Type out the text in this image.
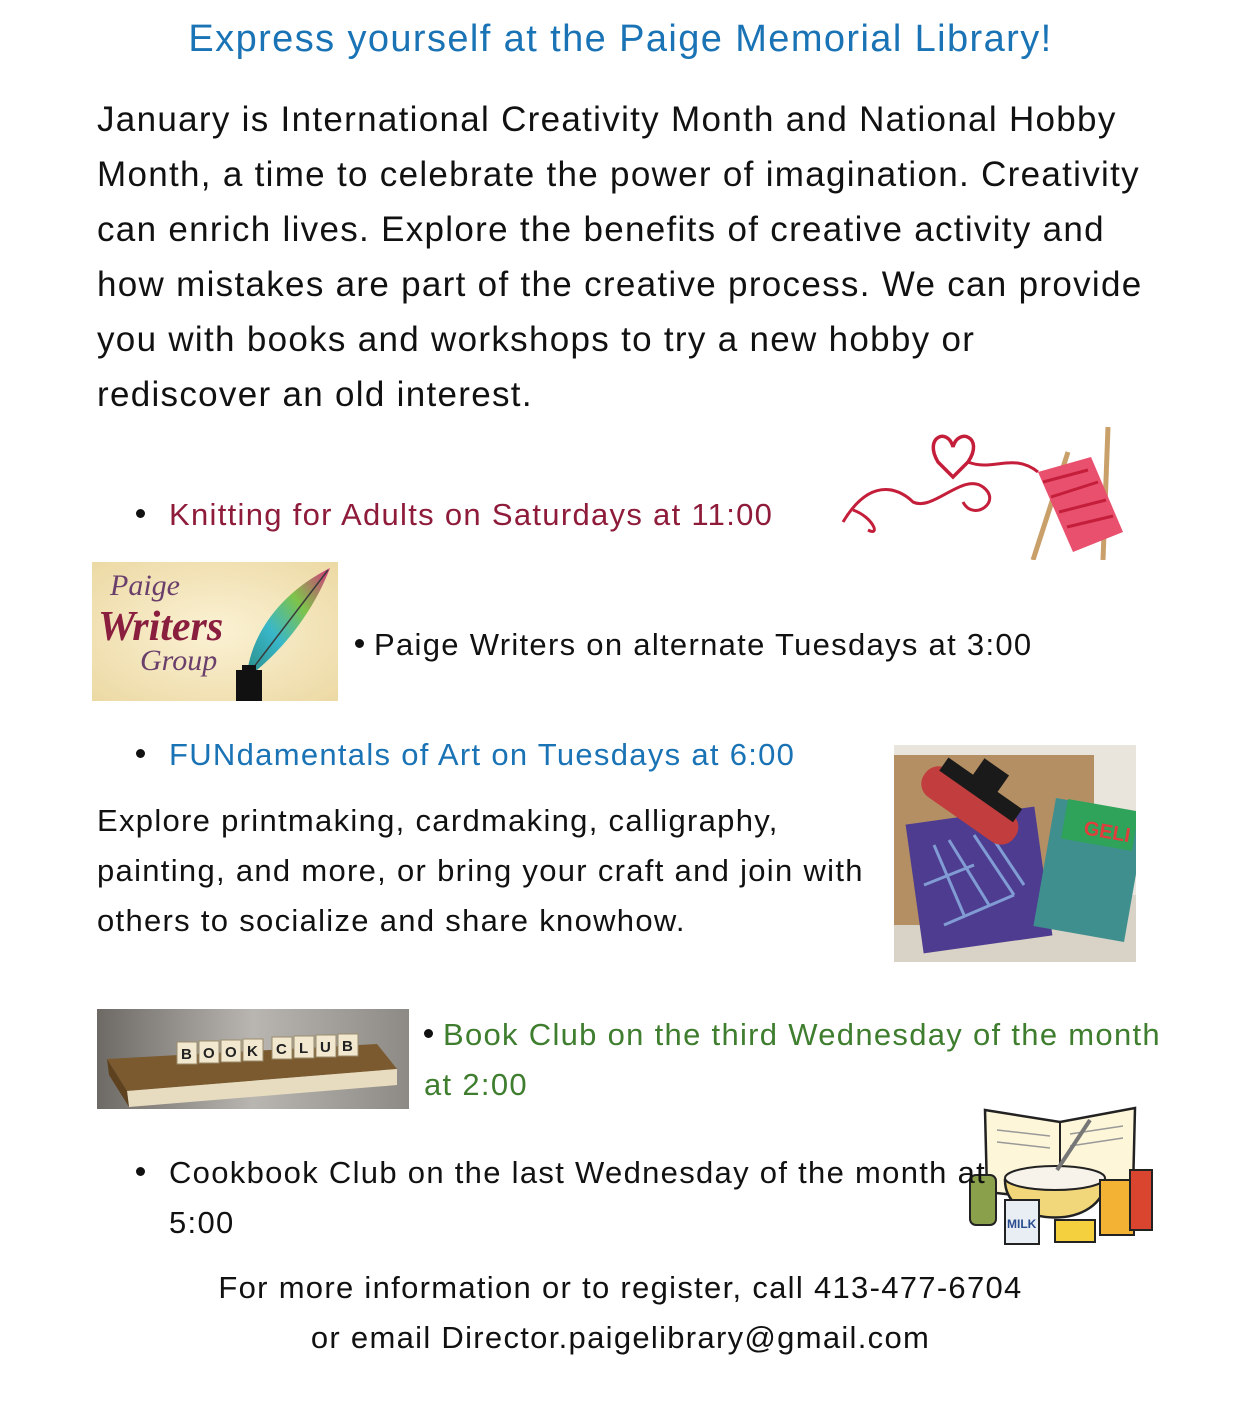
Express yourself at the Paige Memorial Library!
January is International Creativity Month and National Hobby Month, a time to celebrate the power of imagination. Creativity can enrich lives. Explore the benefits of creative activity and how mistakes are part of the creative process. We can provide you with books and workshops to try a new hobby or rediscover an old interest.
Knitting for Adults on Saturdays at 11:00
Paige
Writers
Group	Paige Writers on alternate Tuesdays at 3:00
FUNdamentals of Art on Tuesdays at 6:00
GELI
Explore printmaking, cardmaking, calligraphy, painting, and more, or bring your craft and join with others to socialize and share knowhow.
B O O K C L U B	Book Club on the third Wednesday of the month at 2:00
MILK
Cookbook Club on the last Wednesday of the month at 5:00
For more information or to register, call 413-477-6704
or email Director.paigelibrary@gmail.com
